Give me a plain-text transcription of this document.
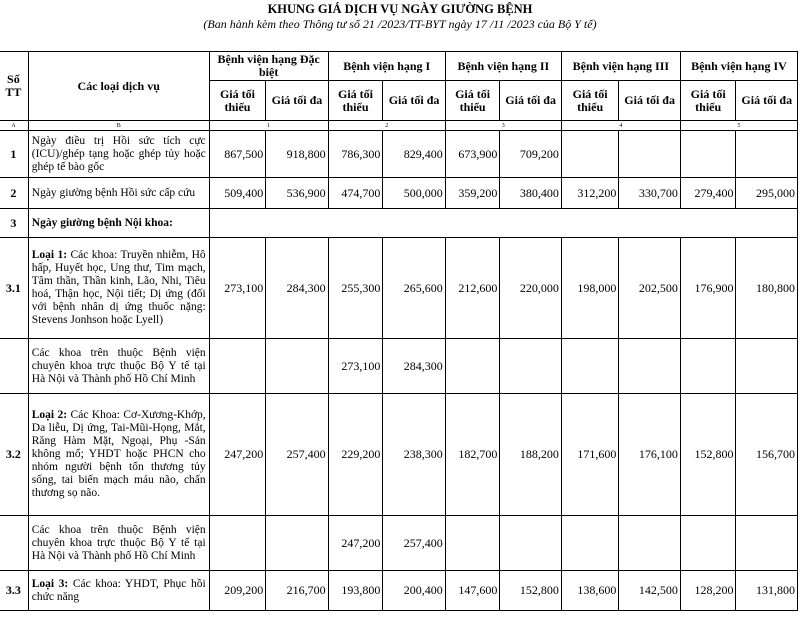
KHUNG GIÁ DỊCH VỤ NGÀY GIƯỜNG BỆNH
(Ban hành kèm theo Thông tư số 21 /2023/TT-BYT ngày 17 /11 /2023 của Bộ Y tế)
Số TT	Các loại dịch vụ	Bệnh viện hạng Đặc biệt		Bệnh viện hạng I		Bệnh viện hạng II		Bệnh viện hạng III		Bệnh viện hạng IV	
		Giá tối thiểu	Giá tối đa	Giá tối thiểu	Giá tối đa	Giá tối thiểu	Giá tối đa	Giá tối thiểu	Giá tối đa	Giá tối thiểu	Giá tối đa
A	B	1		2		3		4		5	
1	Ngày điều trị Hồi sức tích cực (ICU)/ghép tạng hoặc ghép tủy hoặc ghép tế bào gốc	867,500	918,800	786,300	829,400	673,900	709,200				
2	Ngày giường bệnh Hồi sức cấp cứu	509,400	536,900	474,700	500,000	359,200	380,400	312,200	330,700	279,400	295,000
3	Ngày giường bệnh Nội khoa:										
3.1	Loại 1: Các khoa: Truyền nhiễm, Hô hấp, Huyết học, Ung thư, Tim mạch, Tâm thần, Thần kinh, Lão, Nhi, Tiêu hoá, Thận học, Nội tiết; Dị ứng (đối với bệnh nhân dị ứng thuốc nặng: Stevens Jonhson hoặc Lyell)	273,100	284,300	255,300	265,600	212,600	220,000	198,000	202,500	176,900	180,800
	Các khoa trên thuộc Bệnh viện chuyên khoa trực thuộc Bộ Y tế tại Hà Nội và Thành phố Hồ Chí Minh			273,100	284,300						
3.2	Loại 2: Các Khoa: Cơ-Xương-Khớp, Da liễu, Dị ứng, Tai-Mũi-Họng, Mắt, Răng Hàm Mặt, Ngoại, Phụ -Sản không mổ; YHDT hoặc PHCN cho nhóm người bệnh tổn thương tủy sống, tai biến mạch máu não, chấn thương sọ não.	247,200	257,400	229,200	238,300	182,700	188,200	171,600	176,100	152,800	156,700
	Các khoa trên thuộc Bệnh viện chuyên khoa trực thuộc Bộ Y tế tại Hà Nội và Thành phố Hồ Chí Minh			247,200	257,400						
3.3	Loại 3: Các khoa: YHDT, Phục hồi chức năng	209,200	216,700	193,800	200,400	147,600	152,800	138,600	142,500	128,200	131,800
